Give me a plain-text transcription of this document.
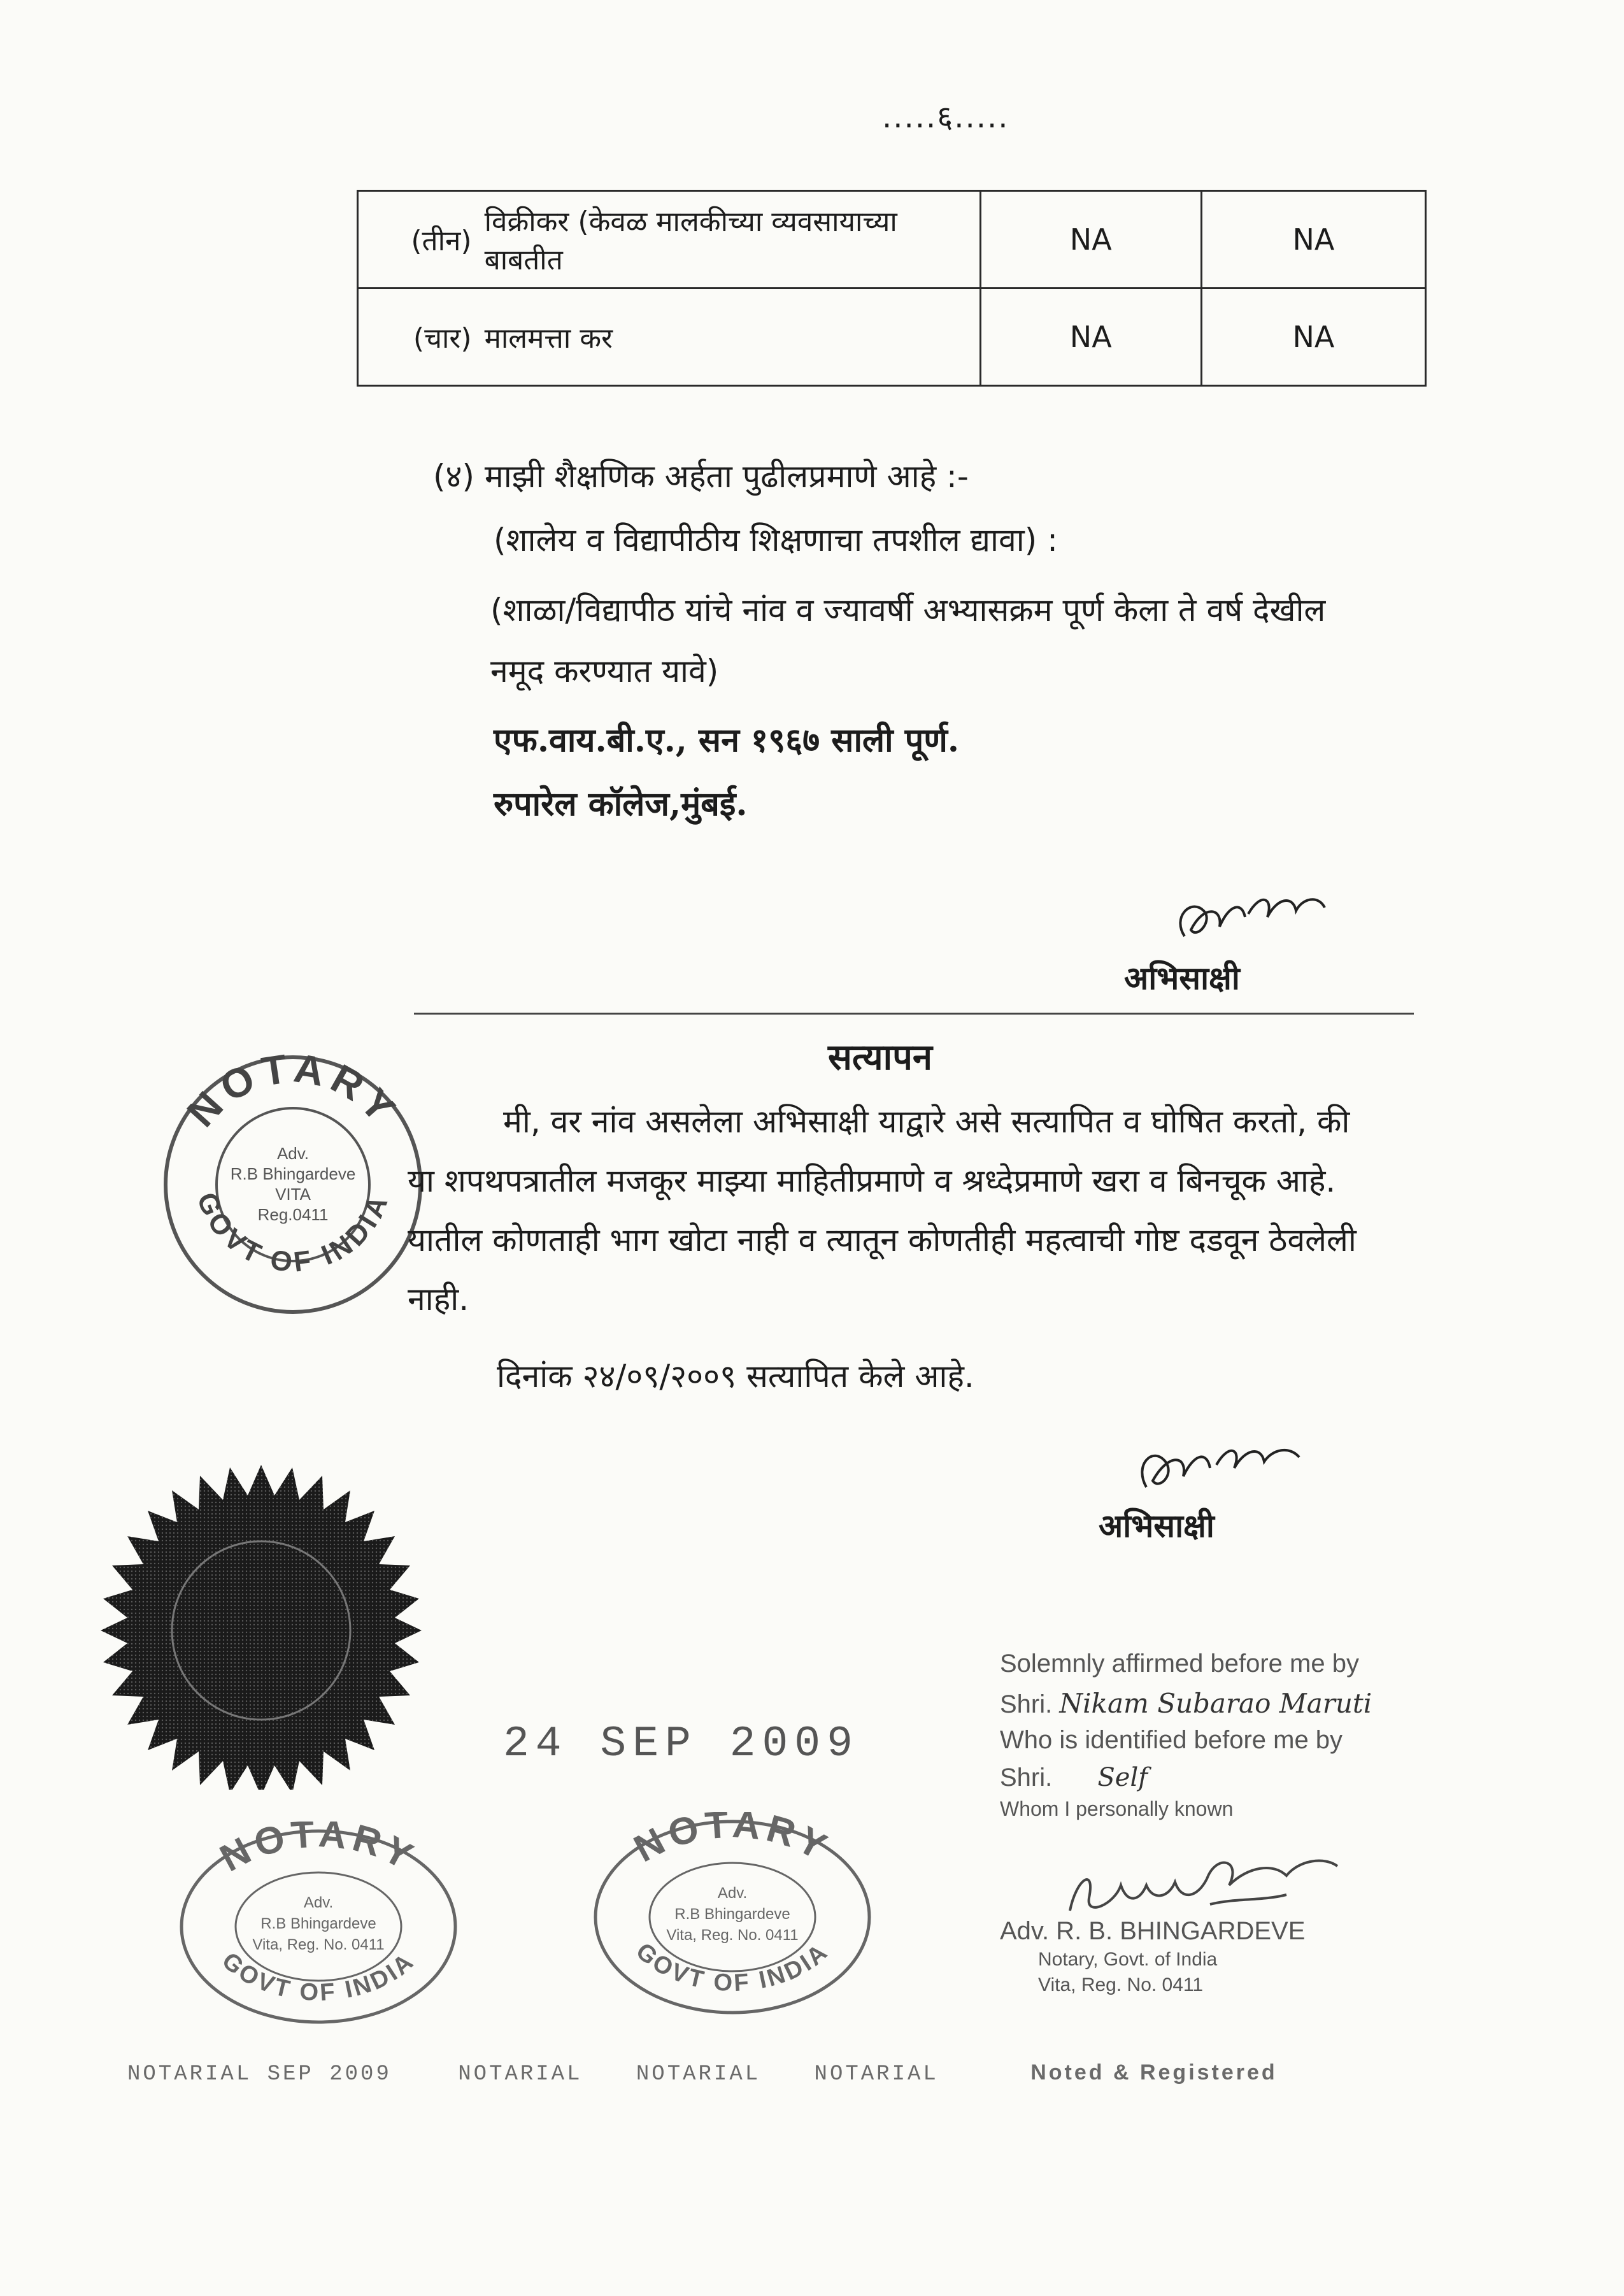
.....६.....
(तीन)	विक्रीकर (केवळ मालकीच्या व्यवसायाच्या बाबतीत	NA	NA
(चार)	मालमत्ता कर	NA	NA
(४) माझी शैक्षणिक अर्हता पुढीलप्रमाणे आहे :-
(शालेय व विद्यापीठीय शिक्षणाचा तपशील द्यावा) :
(शाळा/विद्यापीठ यांचे नांव व ज्यावर्षी अभ्यासक्रम पूर्ण केला ते वर्ष देखील
नमूद करण्यात यावे)
एफ.वाय.बी.ए., सन १९६७ साली पूर्ण.
रुपारेल कॉलेज,मुंबई.
अभिसाक्षी
NOTARY
GOVT OF INDIA
Adv.
R.B Bhingardeve
VITA
Reg.0411
सत्यापन
मी, वर नांव असलेला अभिसाक्षी याद्वारे असे सत्यापित व घोषित करतो, की
या शपथपत्रातील मजकूर माझ्या माहितीप्रमाणे व श्रध्देप्रमाणे खरा व बिनचूक आहे.
यातील कोणताही भाग खोटा नाही व त्यातून कोणतीही महत्वाची गोष्ट दडवून ठेवलेली
नाही.
दिनांक २४/०९/२००९ सत्यापित केले आहे.
अभिसाक्षी
24 SEP 2009
Solemnly affirmed before me by
Shri. Nikam Subarao Maruti
Who is identified before me by
Shri. Self
Whom I personally known
Adv. R. B. BHINGARDEVE
Notary, Govt. of India
Vita, Reg. No. 0411
NOTARY
GOVT OF INDIA
Adv.
R.B Bhingardeve
Vita, Reg. No. 0411
NOTARY
GOVT OF INDIA
Adv.
R.B Bhingardeve
Vita, Reg. No. 0411
NOTARIAL SEP 2009	NOTARIAL NOTARIAL NOTARIAL	Noted & Registered
